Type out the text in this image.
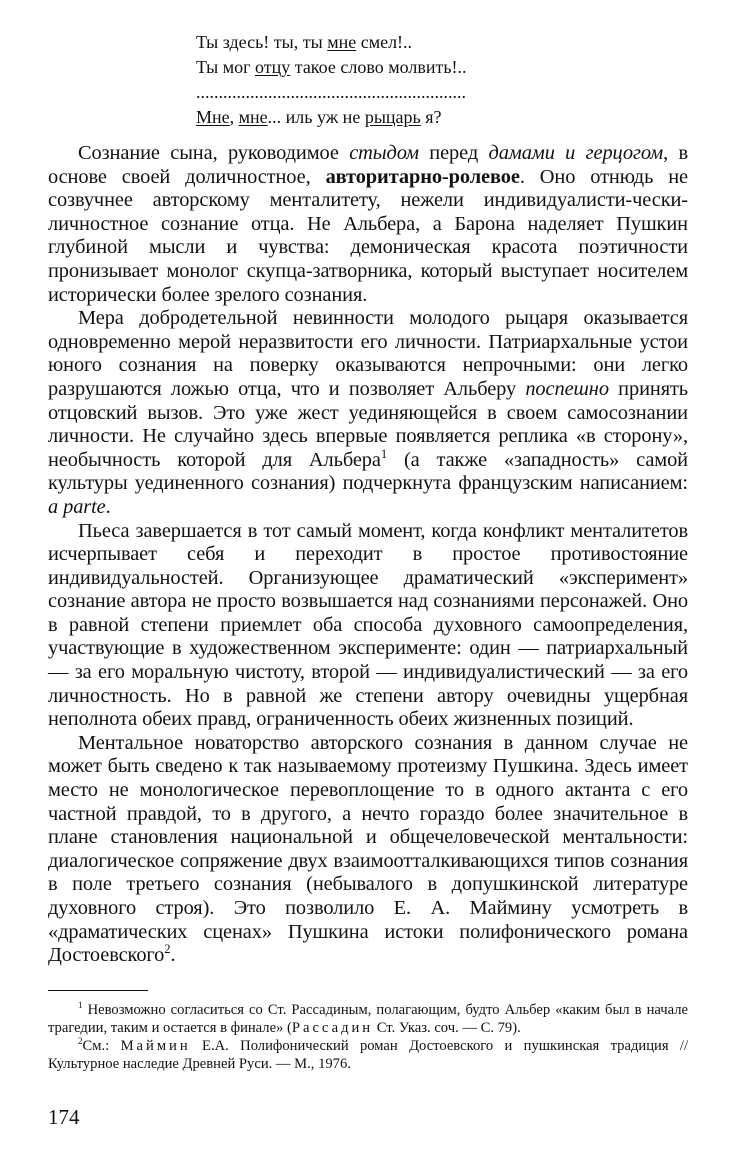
Ты здесь! ты, ты мне смел!..
Ты мог отцу такое слово молвить!..
............................................................
Мне, мне... иль уж не рыцарь я?

Сознание сына, руководимое стыдом перед дамами и герцогом, в основе своей доличностное, авторитарно-ролевое. Оно отнюдь не созвучнее авторскому менталитету, нежели индивидуалисти-чески-личностное сознание отца. Не Альбера, а Барона наделяет Пушкин глубиной мысли и чувства: демоническая красота поэтичности пронизывает монолог скупца-затворника, который выступает носителем исторически более зрелого сознания.

Мера добродетельной невинности молодого рыцаря оказывается одновременно мерой неразвитости его личности. Патриархальные устои юного сознания на поверку оказываются непрочными: они легко разрушаются ложью отца, что и позволяет Альберу поспешно принять отцовский вызов. Это уже жест уединяющейся в своем самосознании личности. Не случайно здесь впервые появляется реплика «в сторону», необычность которой для Альбера$^1$ (а также «западность» самой культуры уединенного сознания) подчеркнута французским написанием: a parte.

Пьеса завершается в тот самый момент, когда конфликт менталитетов исчерпывает себя и переходит в простое противостояние индивидуальностей. Организующее драматический «эксперимент» сознание автора не просто возвышается над сознаниями персонажей. Оно в равной степени приемлет оба способа духовного самоопределения, участвующие в художественном эксперименте: один — патриархальный — за его моральную чистоту, второй — индивидуалистический — за его личностность. Но в равной же степени автору очевидны ущербная неполнота обеих правд, ограниченность обеих жизненных позиций.

Ментальное новаторство авторского сознания в данном случае не может быть сведено к так называемому протеизму Пушкина. Здесь имеет место не монологическое перевоплощение то в одного актанта с его частной правдой, то в другого, а нечто гораздо более значительное в плане становления национальной и общечеловеческой ментальности: диалогическое сопряжение двух взаимоотталкивающихся типов сознания в поле третьего сознания (небывалого в допушкинской литературе духовного строя). Это позволило Е. А. Маймину усмотреть в «драматических сценах» Пушкина истоки полифонического романа Достоевского$^2$.

$^1$ Невозможно согласиться со Ст. Рассадиным, полагающим, будто Альбер «каким был в начале трагедии, таким и остается в финале» (Рассадин Ст. Указ. соч. — С. 79).

$^2$См.: Маймин Е.А. Полифонический роман Достоевского и пушкинская традиция // Культурное наследие Древней Руси. — М., 1976.

174
